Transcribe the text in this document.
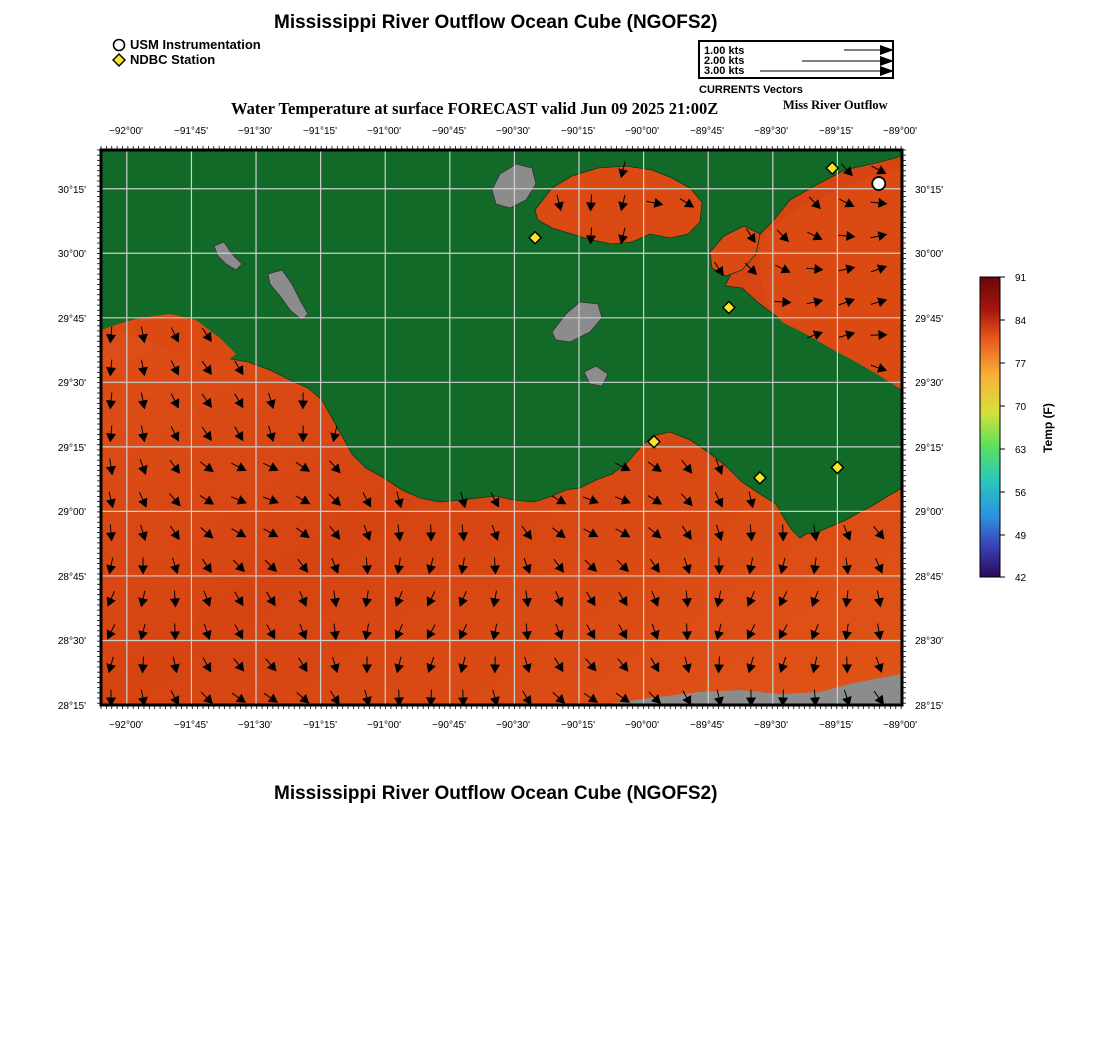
Mississippi River Outflow Ocean Cube (NGOFS2)
USM Instrumentation
NDBC Station
1.00 kts
2.00 kts
3.00 kts
CURRENTS Vectors
Water Temperature at surface FORECAST valid Jun 09 2025 21:00Z	Miss River Outflow
−92°00'	−91°45'	−91°30'	−91°15'	−91°00'	−90°45'	−90°30'	−90°15'	−90°00'	−89°45'	−89°30'	−89°15'	−89°00'
−92°00'	−91°45'	−91°30'	−91°15'	−91°00'	−90°45'	−90°30'	−90°15'	−90°00'	−89°45'	−89°30'	−89°15'	−89°00'
30°15'
30°00'
29°45'
29°30'
29°15'
29°00'
28°45'
28°30'
28°15'
30°15'
30°00'
29°45'
29°30'
29°15'
29°00'
28°45'
28°30'
28°15'
91
84
77
70
63
56
49
42
Temp (F)
Mississippi River Outflow Ocean Cube (NGOFS2)
